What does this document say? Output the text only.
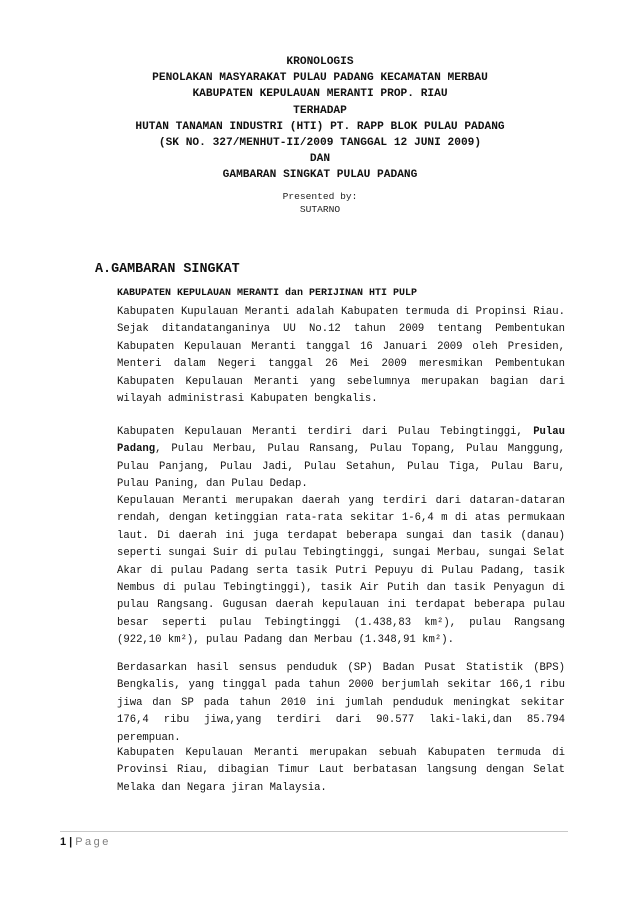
KRONOLOGIS
PENOLAKAN MASYARAKAT PULAU PADANG KECAMATAN MERBAU
KABUPATEN KEPULAUAN MERANTI PROP. RIAU
TERHADAP
HUTAN TANAMAN INDUSTRI (HTI) PT. RAPP BLOK PULAU PADANG
(SK NO. 327/MENHUT-II/2009 TANGGAL 12 JUNI 2009)
DAN
GAMBARAN SINGKAT PULAU PADANG
Presented by:
SUTARNO
A.GAMBARAN SINGKAT
KABUPATEN KEPULAUAN MERANTI dan PERIJINAN HTI PULP
Kabupaten Kupulauan Meranti adalah Kabupaten termuda di Propinsi Riau. Sejak ditandatanganinya UU No.12 tahun 2009 tentang Pembentukan Kabupaten Kepulauan Meranti tanggal 16 Januari 2009 oleh Presiden, Menteri dalam Negeri tanggal 26 Mei 2009 meresmikan Pembentukan Kabupaten Kepulauan Meranti yang sebelumnya merupakan bagian dari wilayah administrasi Kabupaten bengkalis.
Kabupaten Kepulauan Meranti terdiri dari Pulau Tebingtinggi, Pulau Padang, Pulau Merbau, Pulau Ransang, Pulau Topang, Pulau Manggung, Pulau Panjang, Pulau Jadi, Pulau Setahun, Pulau Tiga, Pulau Baru, Pulau Paning, dan Pulau Dedap.
Kepulauan Meranti merupakan daerah yang terdiri dari dataran-dataran rendah, dengan ketinggian rata-rata sekitar 1-6,4 m di atas permukaan laut. Di daerah ini juga terdapat beberapa sungai dan tasik (danau) seperti sungai Suir di pulau Tebingtinggi, sungai Merbau, sungai Selat Akar di pulau Padang serta tasik Putri Pepuyu di Pulau Padang, tasik Nembus di pulau Tebingtinggi), tasik Air Putih dan tasik Penyagun di pulau Rangsang. Gugusan daerah kepulauan ini terdapat beberapa pulau besar seperti pulau Tebingtinggi (1.438,83 km²), pulau Rangsang (922,10 km²), pulau Padang dan Merbau (1.348,91 km²).
Berdasarkan hasil sensus penduduk (SP) Badan Pusat Statistik (BPS) Bengkalis, yang tinggal pada tahun 2000 berjumlah sekitar 166,1 ribu jiwa dan SP pada tahun 2010 ini jumlah penduduk meningkat sekitar 176,4 ribu jiwa,yang terdiri dari 90.577 laki-laki,dan 85.794 perempuan.
Kabupaten Kepulauan Meranti merupakan sebuah Kabupaten termuda di Provinsi Riau, dibagian Timur Laut berbatasan langsung dengan Selat Melaka dan Negara jiran Malaysia.
1 | Page
